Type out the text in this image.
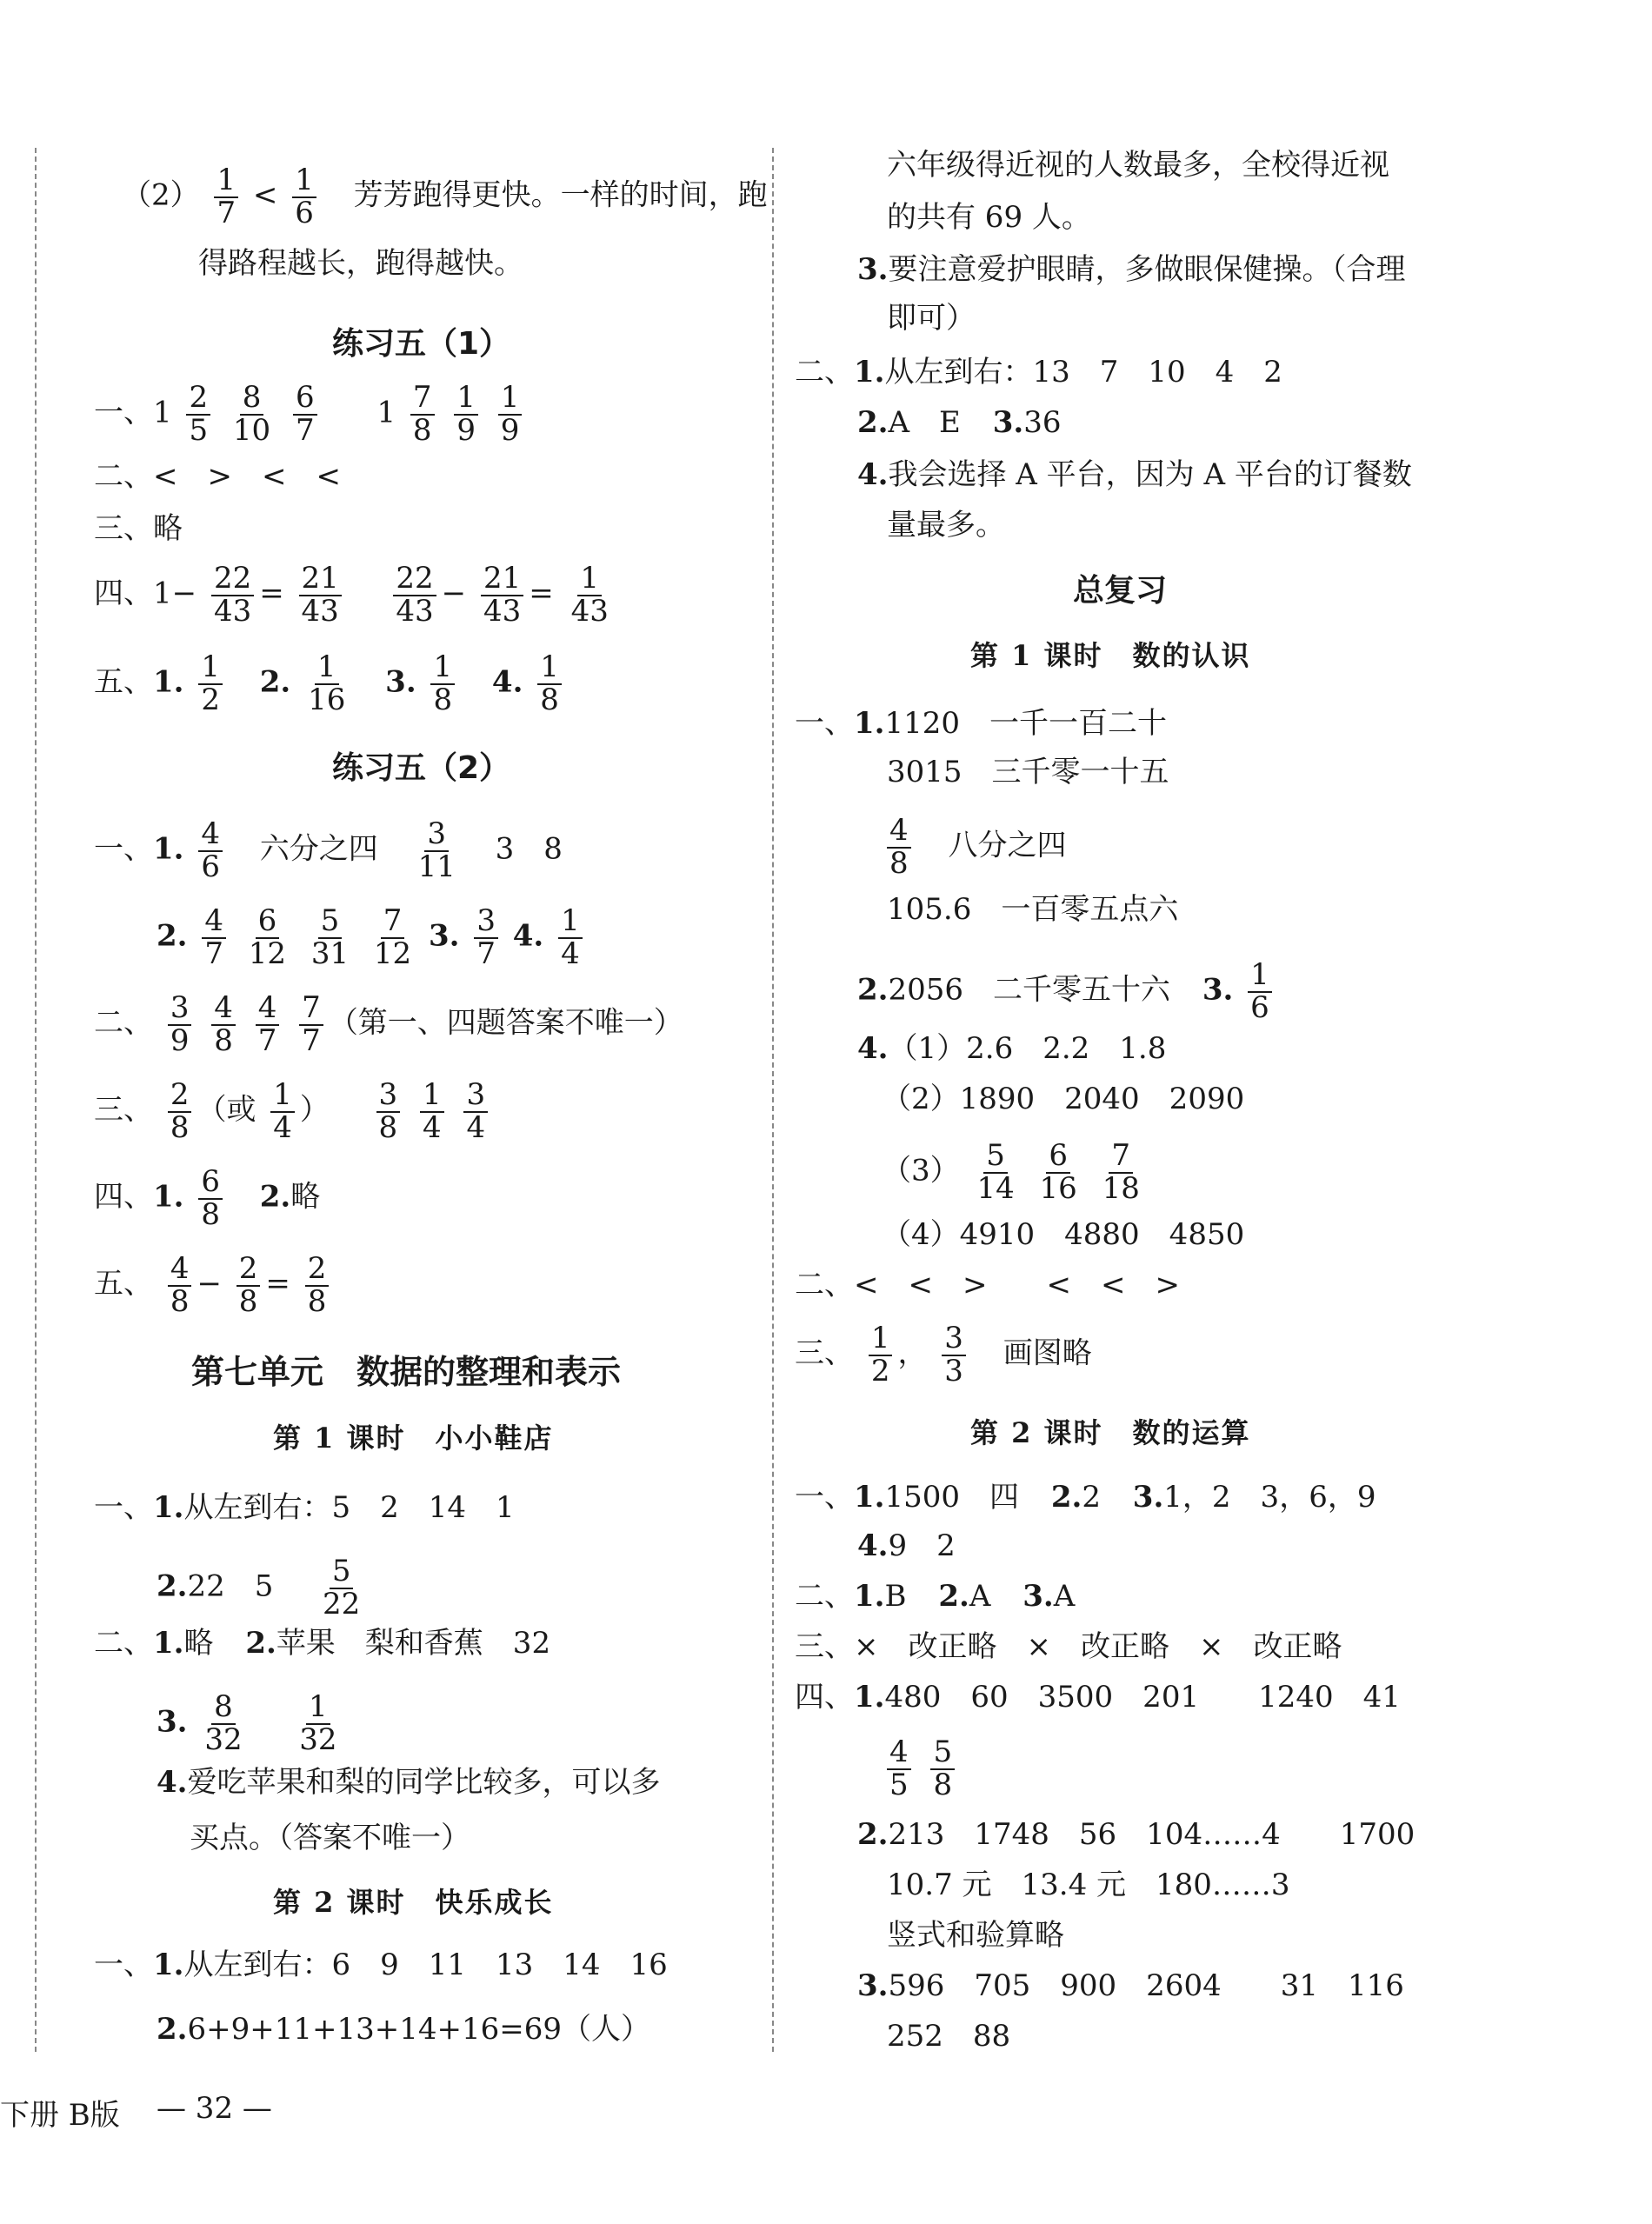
$(2) \frac{1}{7} < \frac{1}{6}$ 芳芳跑得更快。一样的时间，跑
得路程越长，跑得越快。
练习五（1）
一、$1 \frac{2}{5}$
$\frac{8}{10}$
$\frac{6}{7} 1 \frac{7}{8}$
$\frac{1}{9}$
$\frac{1}{9}$
二、<　>　<　<
三、略
四、$1- \frac{22}{43} = \frac{21}{43}$
$\frac{22}{43} - \frac{21}{43} = \frac{1}{43}$
五、1. $\frac{1}{2} 2$. $\frac{1}{16} 3$. $\frac{1}{8} 4$. $\frac{1}{8}$
练习五（2）
一、1. $\frac{4}{6}$ 六分之四 $\frac{3}{11} 3$　8
2. $\frac{4}{7}$
$\frac{6}{12}$
$\frac{5}{31}$
$\frac{7}{12} 3$. $\frac{3}{7} 4$. $\frac{1}{4}$
二、 $\frac{3}{9}$
$\frac{4}{8}$
$\frac{4}{7}$
$\frac{7}{7}$ （第一、四题答案不唯一）
三、 $\frac{2}{8}$ （或 $\frac{1}{4}$ ） $\frac{3}{8}$
$\frac{1}{4}$
$\frac{3}{4}$
四、1. $\frac{6}{8} 2$.略
五、 $\frac{4}{8} - \frac{2}{8} = \frac{2}{8}$
第七单元　数据的整理和表示
第 1 课时　小小鞋店
一、1.从左到右：5　2　14　1
2.22　$5 \frac{5}{22}$
二、1.略 2.苹果　梨和香蕉　32
3. $\frac{8}{32}$
$\frac{1}{32}$
4.爱吃苹果和梨的同学比较多，可以多
买点。（答案不唯一）
第 2 课时　快乐成长
一、1.从左到右：6　9　11　13　14　16
2.6+9+11+13+14+16=69（人）
六年级得近视的人数最多，全校得近视
的共有 69 人。
3.要注意爱护眼睛，多做眼保健操。（合理
即可）
二、1.从左到右：13　7　10　4　2
2.A　E 3.36
4.我会选择 A 平台，因为 A 平台的订餐数
量最多。
总复习
第 1 课时　数的认识
一、1.1120　一千一百二十
3015　三千零一十五
$\frac{4}{8}$ 八分之四
105.6　一百零五点六
2.2056　二千零五十六 3. $\frac{1}{6}$
4.（1）2.6　2.2　1.8
（2）1890　2040　2090
$(3) \frac{5}{14}$
$\frac{6}{16}$
$\frac{7}{18}$
（4）4910　4880　4850
二、<　<　>　　<　<　>
三、 $\frac{1}{2}$ ， $\frac{3}{3}$ 画图略
第 2 课时　数的运算
一、1.1500　四 2.2 3.1，2　3，6，9
4.9　2
二、1.B 2.A 3.A
三、×　改正略　×　改正略　×　改正略
四、1.480　60　3500　201　　1240　41
$\frac{4}{5}$
$\frac{5}{8}$
2.213　1748　56　104……4　　1700
10.7 元　13.4 元　180……3
竖式和验算略
3.596　705　900　2604　　31　116
252　88
下册 B版 — 32 —
